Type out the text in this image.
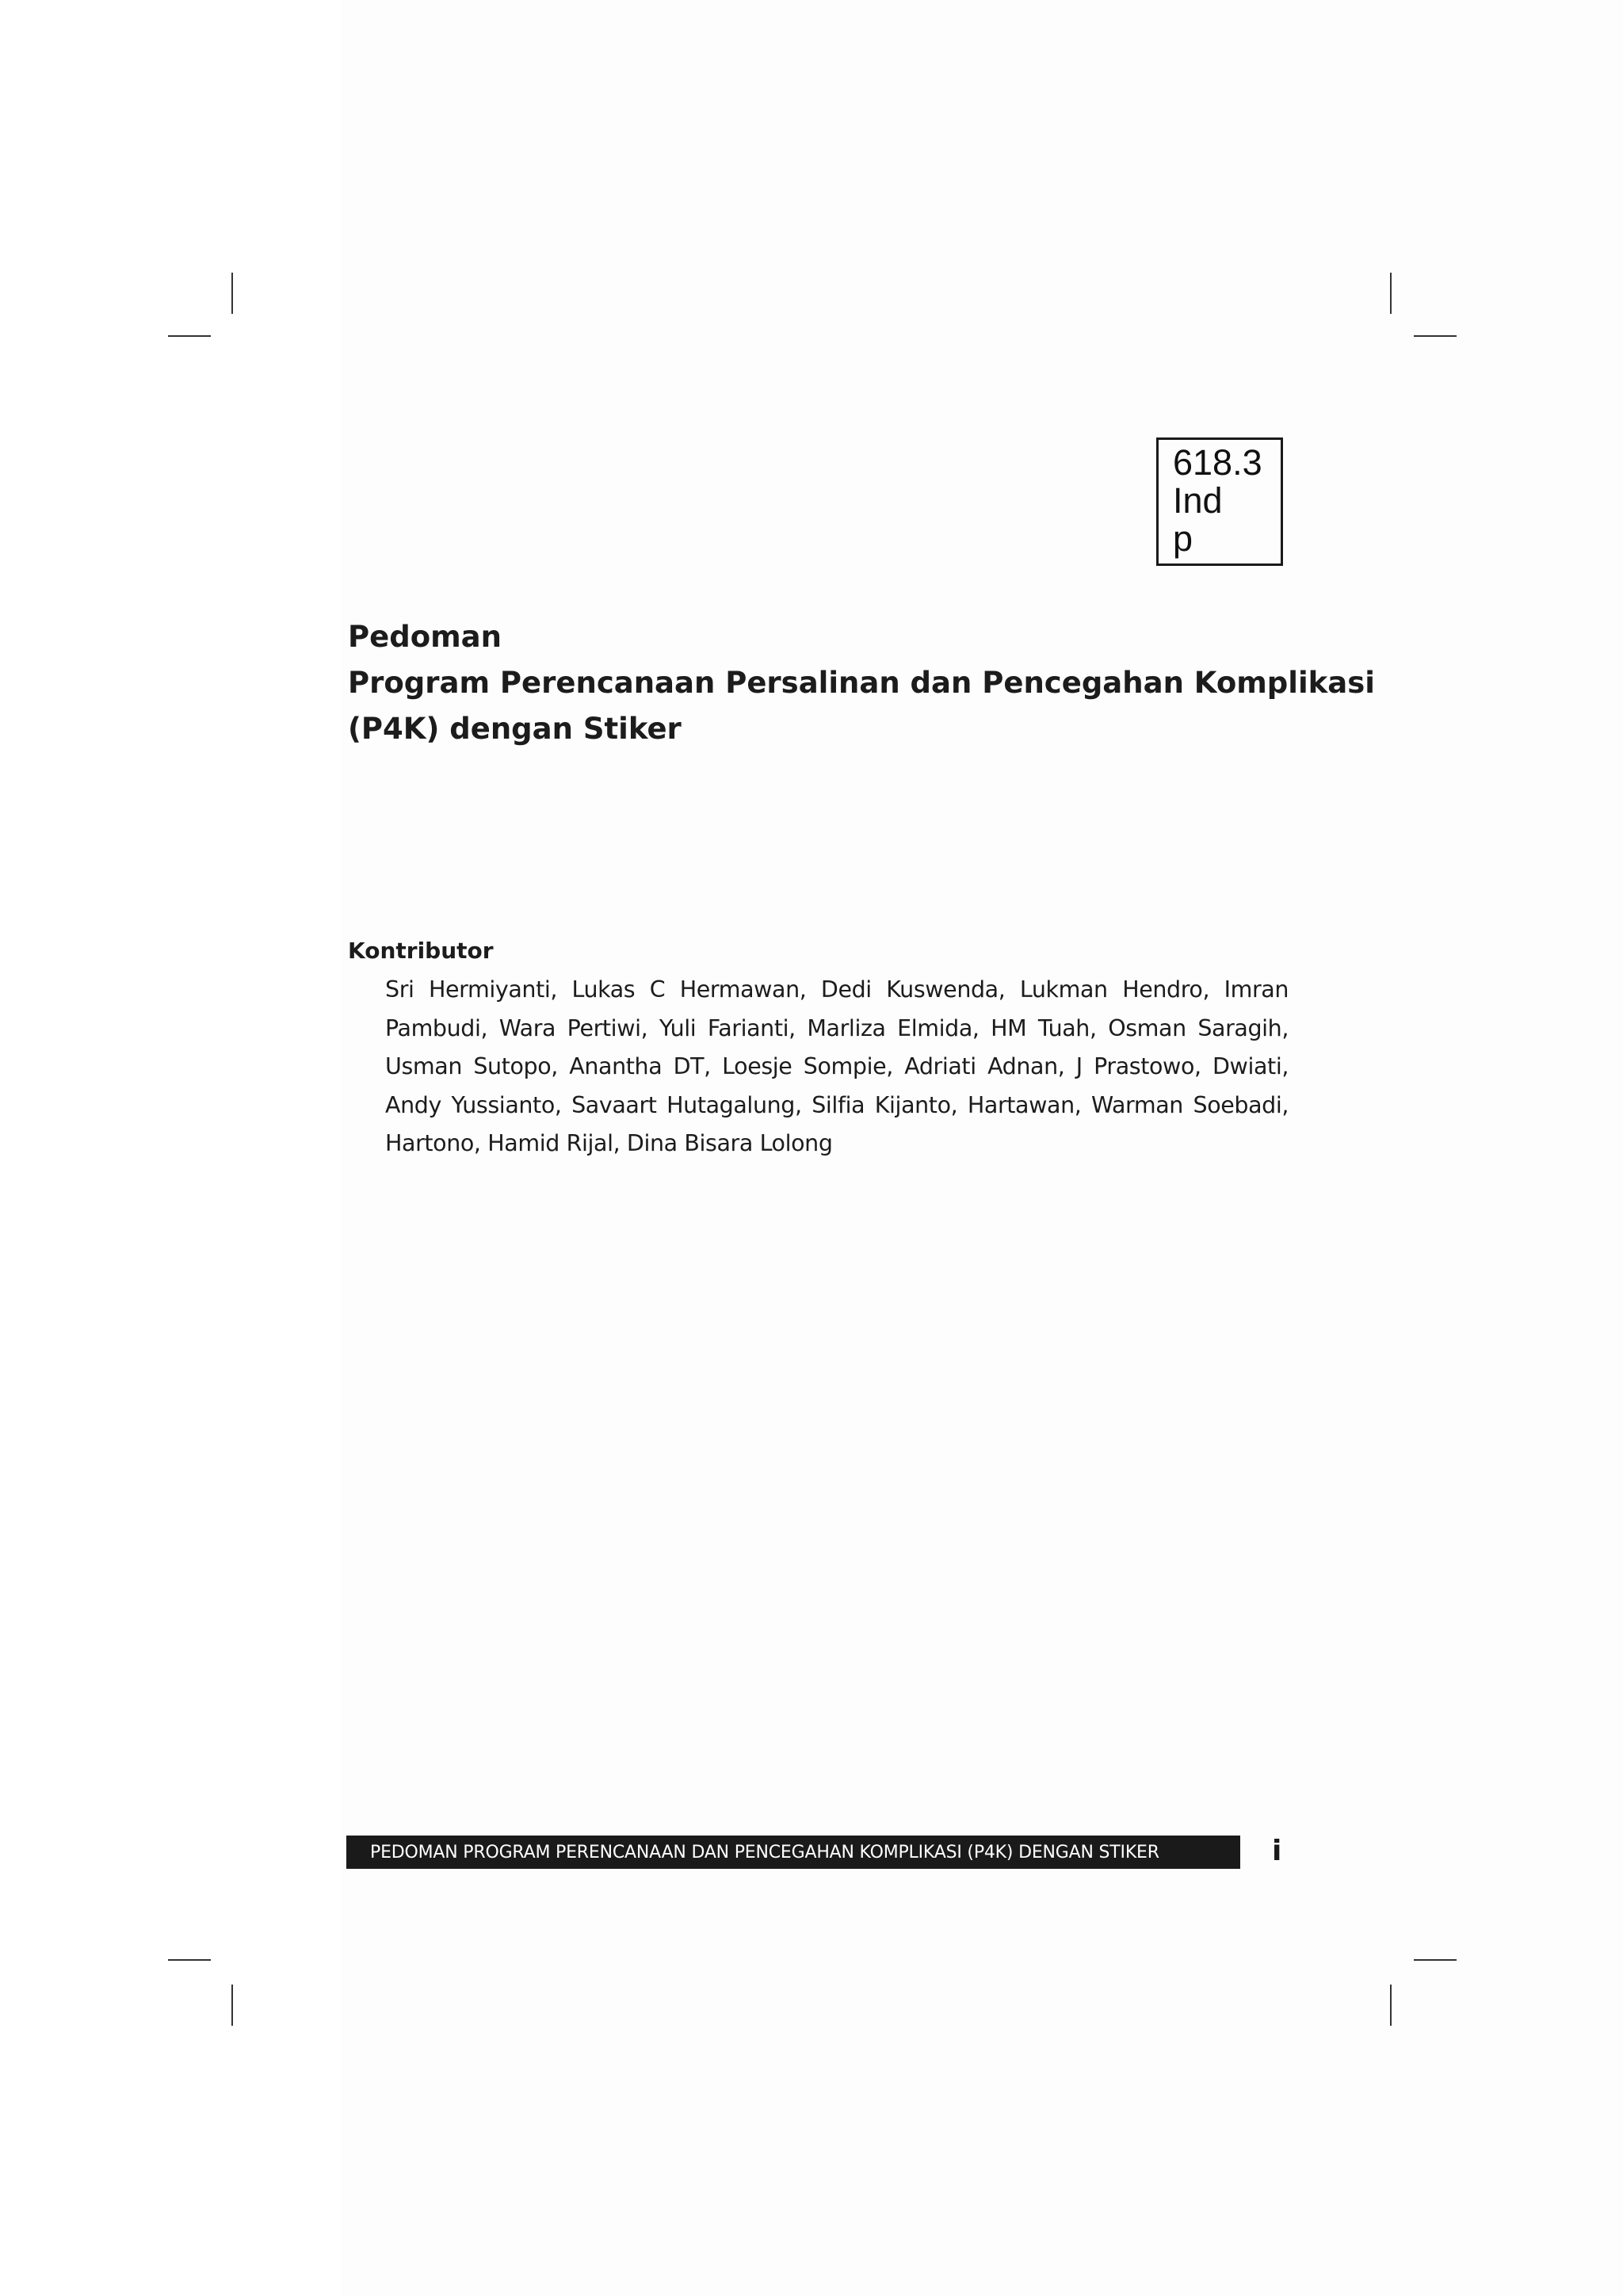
618.3
Ind
p
Pedoman
Program Perencanaan Persalinan dan Pencegahan Komplikasi
(P4K) dengan Stiker
Kontributor

Sri Hermiyanti, Lukas C Hermawan, Dedi Kuswenda, Lukman Hendro, Imran Pambudi, Wara Pertiwi, Yuli Farianti, Marliza Elmida, HM Tuah, Osman Saragih, Usman Sutopo, Anantha DT, Loesje Sompie, Adriati Adnan, J Prastowo, Dwiati, Andy Yussianto, Savaart Hutagalung, Silfia Kijanto, Hartawan, Warman Soebadi, Hartono, Hamid Rijal, Dina Bisara Lolong

PEDOMAN PROGRAM PERENCANAAN DAN PENCEGAHAN KOMPLIKASI (P4K) DENGAN STIKER	i
